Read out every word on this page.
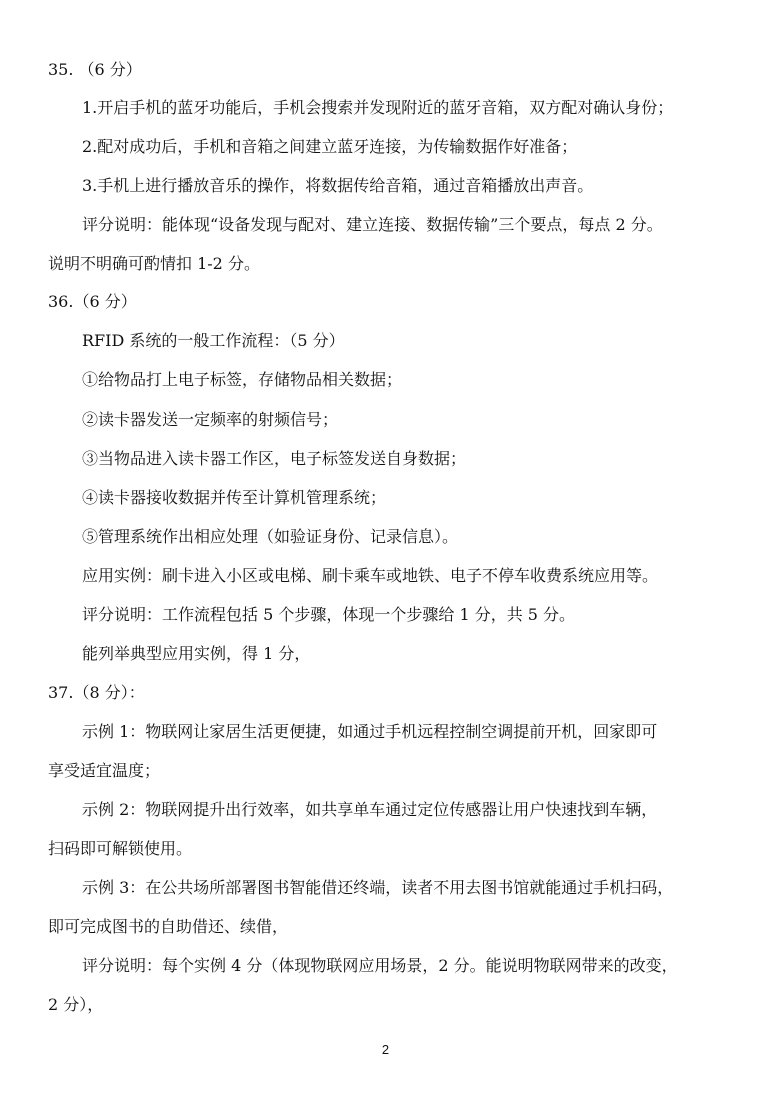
35. （6 分）
1.开启手机的蓝牙功能后，手机会搜索并发现附近的蓝牙音箱，双方配对确认身份；
2.配对成功后，手机和音箱之间建立蓝牙连接，为传输数据作好准备；
3.手机上进行播放音乐的操作，将数据传给音箱，通过音箱播放出声音。
评分说明：能体现“设备发现与配对、建立连接、数据传输”三个要点，每点 2 分。
说明不明确可酌情扣 1-2 分。
36.（6 分）
RFID 系统的一般工作流程：（5 分）
①给物品打上电子标签，存储物品相关数据；
②读卡器发送一定频率的射频信号；
③当物品进入读卡器工作区，电子标签发送自身数据；
④读卡器接收数据并传至计算机管理系统；
⑤管理系统作出相应处理（如验证身份、记录信息）。
应用实例：刷卡进入小区或电梯、刷卡乘车或地铁、电子不停车收费系统应用等。
评分说明：工作流程包括 5 个步骤，体现一个步骤给 1 分，共 5 分。
能列举典型应用实例，得 1 分，
37.（8 分）：
示例 1：物联网让家居生活更便捷，如通过手机远程控制空调提前开机，回家即可
享受适宜温度；
示例 2：物联网提升出行效率，如共享单车通过定位传感器让用户快速找到车辆，
扫码即可解锁使用。
示例 3：在公共场所部署图书智能借还终端，读者不用去图书馆就能通过手机扫码，
即可完成图书的自助借还、续借，
评分说明：每个实例 4 分（体现物联网应用场景，2 分。能说明物联网带来的改变，
2 分），
2
